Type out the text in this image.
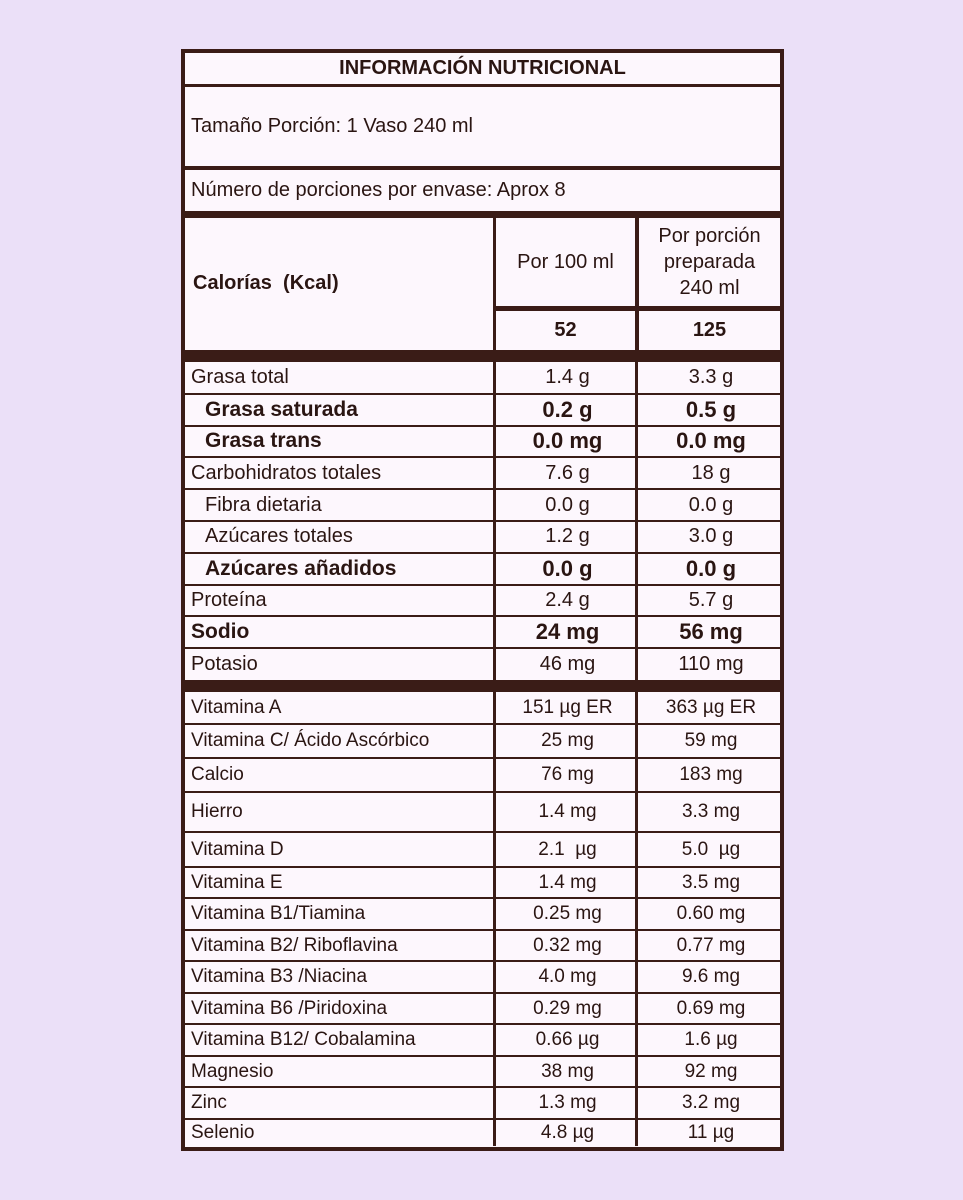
INFORMACIÓN NUTRICIONAL
Tamaño Porción: 1 Vaso 240 ml
Número de porciones por envase: Aprox 8
Calorías  (Kcal)
Por 100 ml
Por porción
preparada
240 ml
52	125
Grasa total	1.4 g	3.3 g
Grasa saturada	0.2 g	0.5 g
Grasa trans	0.0 mg	0.0 mg
Carbohidratos totales	7.6 g	18 g
Fibra dietaria	0.0 g	0.0 g
Azúcares totales	1.2 g	3.0 g
Azúcares añadidos	0.0 g	0.0 g
Proteína	2.4 g	5.7 g
Sodio	24 mg	56 mg
Potasio	46 mg	110 mg
Vitamina A	151 µg ER	363 µg ER
Vitamina C/ Ácido Ascórbico	25 mg	59 mg
Calcio	76 mg	183 mg
Hierro	1.4 mg	3.3 mg
Vitamina D	2.1  µg	5.0  µg
Vitamina E	1.4 mg	3.5 mg
Vitamina B1/Tiamina	0.25 mg	0.60 mg
Vitamina B2/ Riboflavina	0.32 mg	0.77 mg
Vitamina B3 /Niacina	4.0 mg	9.6 mg
Vitamina B6 /Piridoxina	0.29 mg	0.69 mg
Vitamina B12/ Cobalamina	0.66 µg	1.6 µg
Magnesio	38 mg	92 mg
Zinc	1.3 mg	3.2 mg
Selenio	4.8 µg	11 µg
